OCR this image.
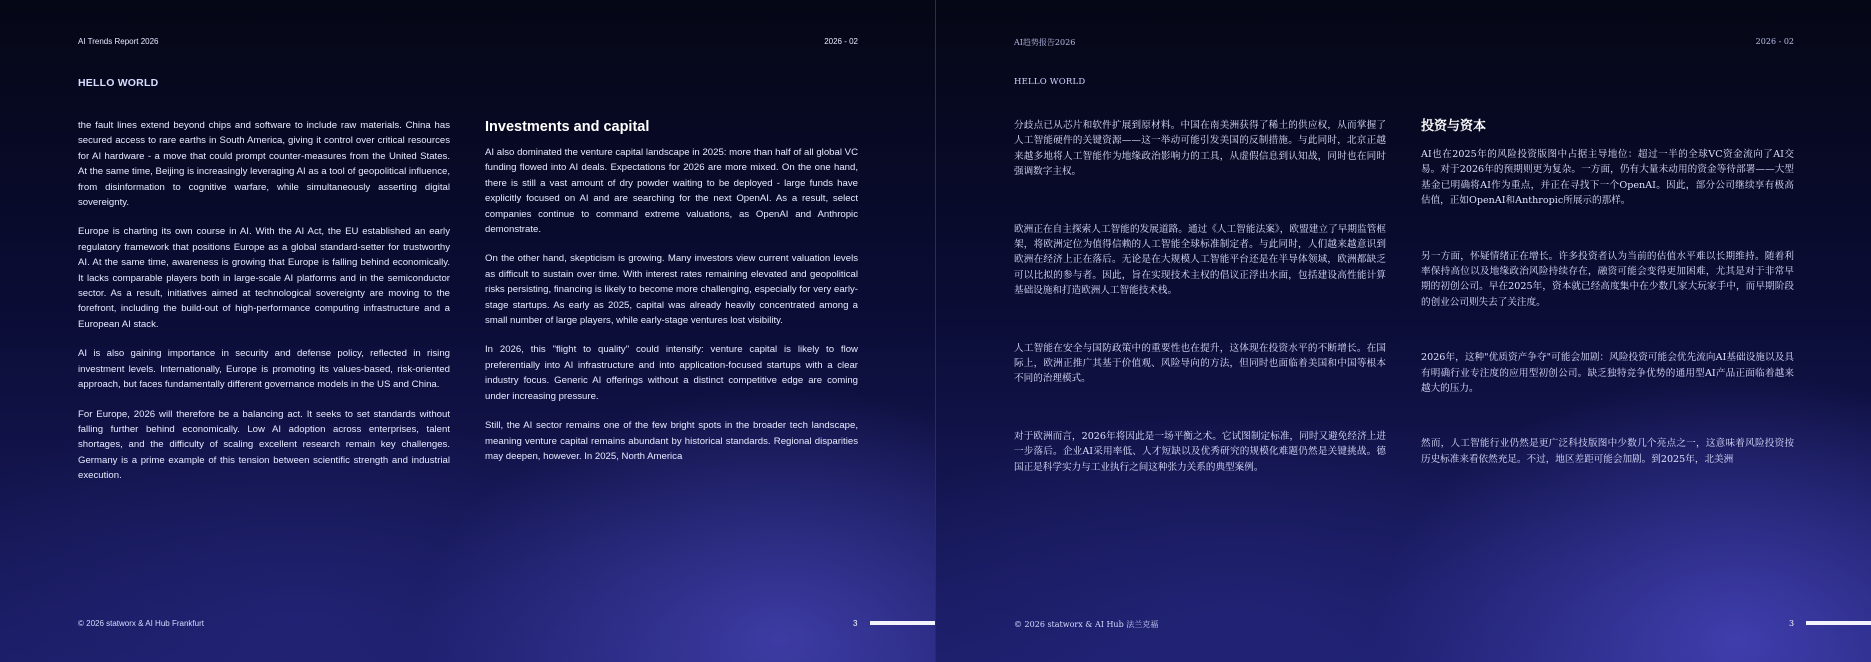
AI Trends Report 2026	2026 - 02
HELLO WORLD

the fault lines extend beyond chips and software to include raw materials. China has secured access to rare earths in South America, giving it control over critical resources for AI hardware - a move that could prompt counter-measures from the United States. At the same time, Beijing is increasingly leveraging AI as a tool of geopolitical influence, from disinformation to cognitive warfare, while simultaneously asserting digital sovereignty.

Europe is charting its own course in AI. With the AI Act, the EU established an early regulatory framework that positions Europe as a global standard-setter for trustworthy AI. At the same time, awareness is growing that Europe is falling behind economically. It lacks comparable players both in large-scale AI platforms and in the semiconductor sector. As a result, initiatives aimed at technological sovereignty are moving to the forefront, including the build-out of high-performance computing infrastructure and a European AI stack.

AI is also gaining importance in security and defense policy, reflected in rising investment levels. Internationally, Europe is promoting its values-based, risk-oriented approach, but faces fundamentally different governance models in the US and China.

For Europe, 2026 will therefore be a balancing act. It seeks to set standards without falling further behind economically. Low AI adoption across enterprises, talent shortages, and the difficulty of scaling excellent research remain key challenges. Germany is a prime example of this tension between scientific strength and industrial execution.

Investments and capital

AI also dominated the venture capital landscape in 2025: more than half of all global VC funding flowed into AI deals. Expectations for 2026 are more mixed. On the one hand, there is still a vast amount of dry powder waiting to be deployed - large funds have explicitly focused on AI and are searching for the next OpenAI. As a result, select companies continue to command extreme valuations, as OpenAI and Anthropic demonstrate.

On the other hand, skepticism is growing. Many investors view current valuation levels as difficult to sustain over time. With interest rates remaining elevated and geopolitical risks persisting, financing is likely to become more challenging, especially for very early-stage startups. As early as 2025, capital was already heavily concentrated among a small number of large players, while early-stage ventures lost visibility.

In 2026, this "flight to quality" could intensify: venture capital is likely to flow preferentially into AI infrastructure and into application-focused startups with a clear industry focus. Generic AI offerings without a distinct competitive edge are coming under increasing pressure.

Still, the AI sector remains one of the few bright spots in the broader tech landscape, meaning venture capital remains abundant by historical standards. Regional disparities may deepen, however. In 2025, North America

© 2026 statworx & AI Hub Frankfurt	3
AI趋势报告2026	2026 - 02
HELLO WORLD

分歧点已从芯片和软件扩展到原材料。中国在南美洲获得了稀土的供应权，从而掌握了人工智能硬件的关键资源——这一举动可能引发美国的反制措施。与此同时，北京正越来越多地将人工智能作为地缘政治影响力的工具，从虚假信息到认知战，同时也在同时强调数字主权。

欧洲正在自主探索人工智能的发展道路。通过《人工智能法案》，欧盟建立了早期监管框架，将欧洲定位为值得信赖的人工智能全球标准制定者。与此同时，人们越来越意识到欧洲在经济上正在落后。无论是在大规模人工智能平台还是在半导体领域，欧洲都缺乏可以比拟的参与者。因此，旨在实现技术主权的倡议正浮出水面，包括建设高性能计算基础设施和打造欧洲人工智能技术栈。

人工智能在安全与国防政策中的重要性也在提升，这体现在投资水平的不断增长。在国际上，欧洲正推广其基于价值观、风险导向的方法，但同时也面临着美国和中国等根本不同的治理模式。

对于欧洲而言，2026年将因此是一场平衡之术。它试图制定标准，同时又避免经济上进一步落后。企业AI采用率低、人才短缺以及优秀研究的规模化难题仍然是关键挑战。德国正是科学实力与工业执行之间这种张力关系的典型案例。

投资与资本

AI也在2025年的风险投资版图中占据主导地位：超过一半的全球VC资金流向了AI交易。对于2026年的预期则更为复杂。一方面，仍有大量未动用的资金等待部署——大型基金已明确将AI作为重点，并正在寻找下一个OpenAI。因此，部分公司继续享有极高估值，正如OpenAI和Anthropic所展示的那样。

另一方面，怀疑情绪正在增长。许多投资者认为当前的估值水平难以长期维持。随着利率保持高位以及地缘政治风险持续存在，融资可能会变得更加困难，尤其是对于非常早期的初创公司。早在2025年，资本就已经高度集中在少数几家大玩家手中，而早期阶段的创业公司则失去了关注度。

2026年，这种"优质资产争夺"可能会加剧：风险投资可能会优先流向AI基础设施以及具有明确行业专注度的应用型初创公司。缺乏独特竞争优势的通用型AI产品正面临着越来越大的压力。

然而，人工智能行业仍然是更广泛科技版图中少数几个亮点之一，这意味着风险投资按历史标准来看依然充足。不过，地区差距可能会加剧。到2025年，北美洲

© 2026 statworx & AI Hub 法兰克福	3
